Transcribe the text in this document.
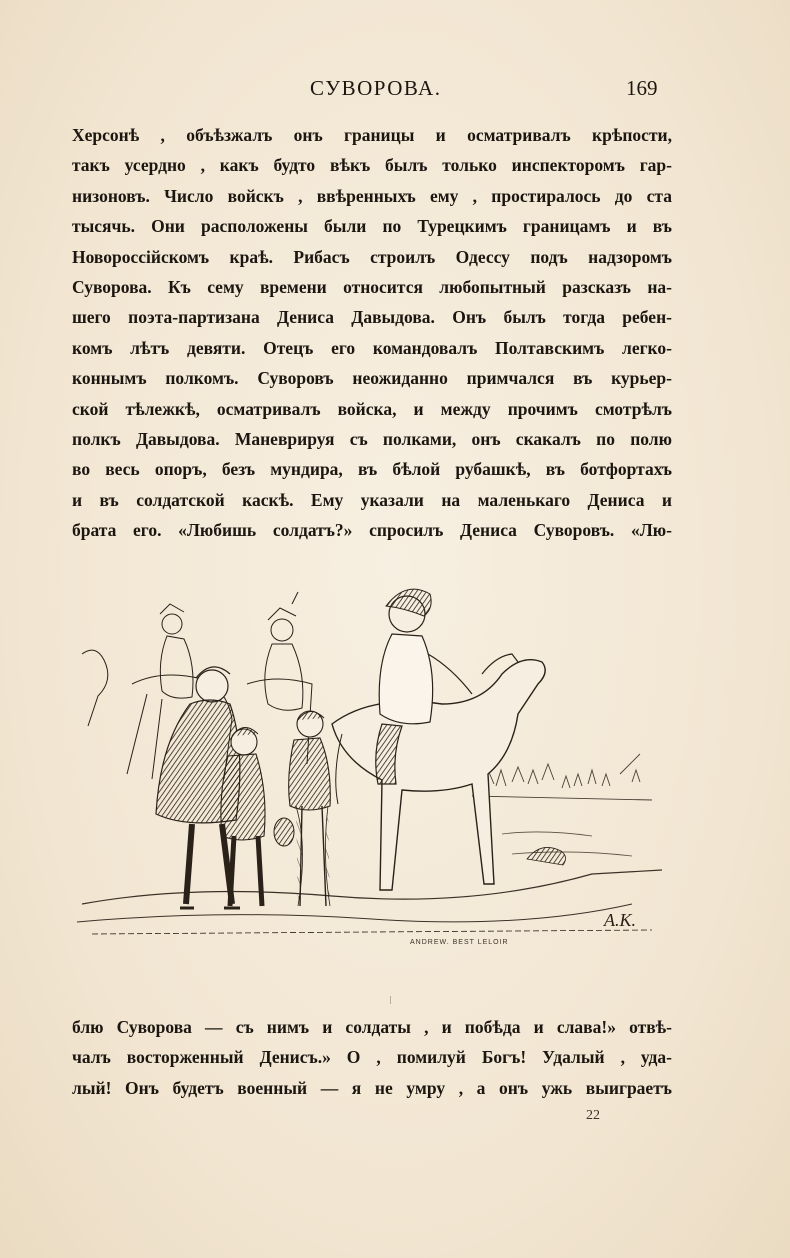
СУВОРОВА.	169
Херсонѣ , объѣзжалъ онъ границы и осматривалъ крѣпости,
такъ усердно , какъ будто вѣкъ былъ только инспекторомъ гар-
низоновъ. Число войскъ , ввѣренныхъ ему , простиралось до ста
тысячь. Они расположены были по Турецкимъ границамъ и въ
Новороссійскомъ краѣ. Рибасъ строилъ Одессу подъ надзоромъ
Суворова. Къ сему времени относится любопытный разсказъ на-
шего поэта-партизана Дениса Давыдова. Онъ былъ тогда ребен-
комъ лѣтъ девяти. Отецъ его командовалъ Полтавскимъ легко-
коннымъ полкомъ. Суворовъ неожиданно примчался въ курьер-
ской тѣлежкѣ, осматривалъ войска, и между прочимъ смотрѣлъ
полкъ Давыдова. Маневрируя съ полками, онъ скакалъ по полю
во весь опоръ, безъ мундира, въ бѣлой рубашкѣ, въ ботфортахъ
и въ солдатской каскѣ. Ему указали на маленькаго Дениса и
брата его. «Любишь солдатъ?» спросилъ Дениса Суворовъ. «Лю-
A.K.
ANDREW. BEST LELOIR
блю Суворова — съ нимъ и солдаты , и побѣда и слава!» отвѣ-
чалъ восторженный Денисъ.» О , помилуй Богъ! Удалый , уда-
лый! Онъ будетъ военный — я не умру , а онъ ужь выиграетъ
22
